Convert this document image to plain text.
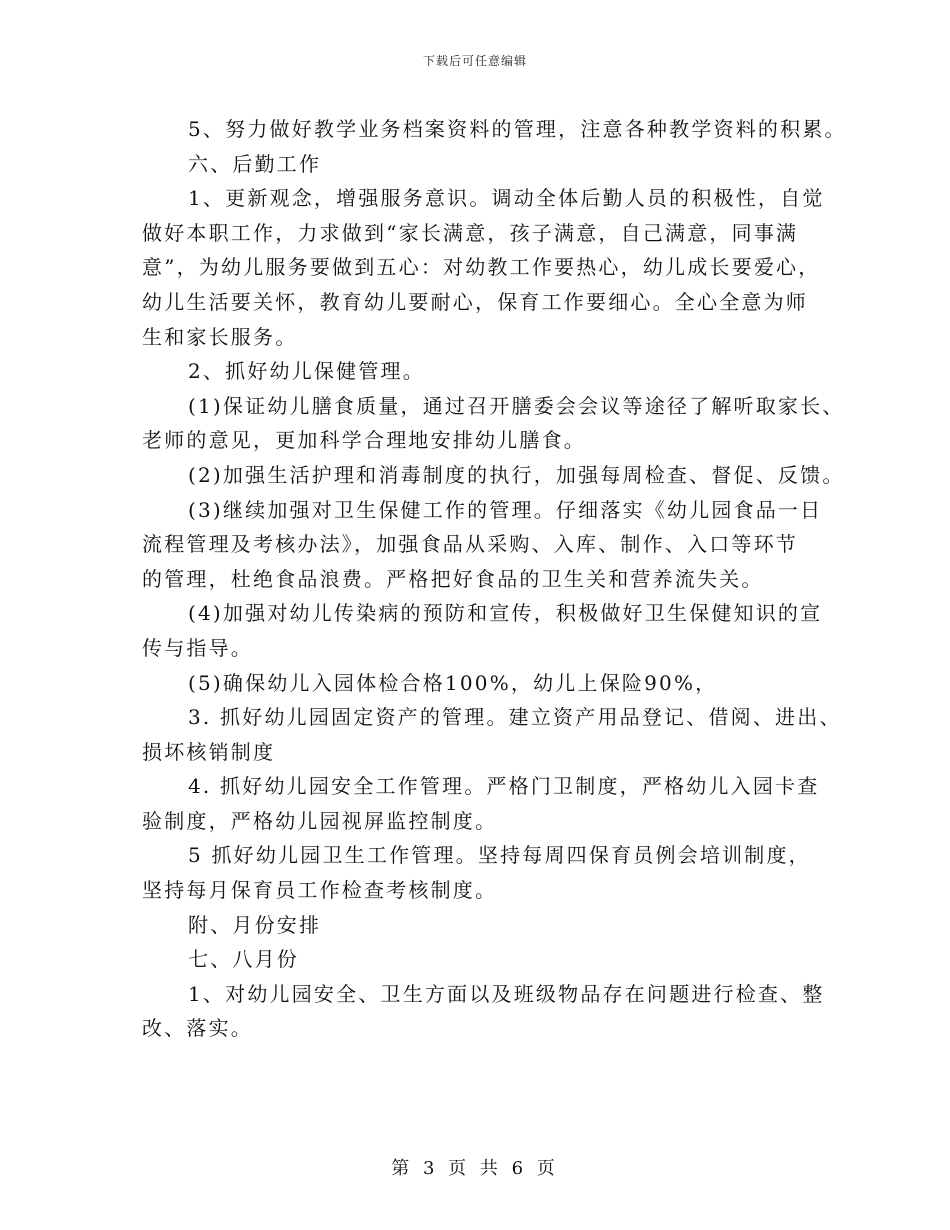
下载后可任意编辑
5、努力做好教学业务档案资料的管理，注意各种教学资料的积累。
六、后勤工作
1、更新观念，增强服务意识。调动全体后勤人员的积极性，自觉
做好本职工作，力求做到“家长满意，孩子满意，自己满意，同事满
意”，为幼儿服务要做到五心：对幼教工作要热心，幼儿成长要爱心，
幼儿生活要关怀，教育幼儿要耐心，保育工作要细心。全心全意为师
生和家长服务。
2、抓好幼儿保健管理。
(1)保证幼儿膳食质量，通过召开膳委会会议等途径了解听取家长、
老师的意见，更加科学合理地安排幼儿膳食。
(2)加强生活护理和消毒制度的执行，加强每周检查、督促、反馈。
(3)继续加强对卫生保健工作的管理。仔细落实《幼儿园食品一日
流程管理及考核办法》，加强食品从采购、入库、制作、入口等环节
的管理，杜绝食品浪费。严格把好食品的卫生关和营养流失关。
(4)加强对幼儿传染病的预防和宣传，积极做好卫生保健知识的宣
传与指导。
(5)确保幼儿入园体检合格100%，幼儿上保险90%，
3. 抓好幼儿园固定资产的管理。建立资产用品登记、借阅、进出、
损坏核销制度
4. 抓好幼儿园安全工作管理。严格门卫制度，严格幼儿入园卡查
验制度，严格幼儿园视屏监控制度。
5 抓好幼儿园卫生工作管理。坚持每周四保育员例会培训制度，
坚持每月保育员工作检查考核制度。
附、月份安排
七、八月份
1、对幼儿园安全、卫生方面以及班级物品存在问题进行检查、整
改、落实。
第 3 页 共 6 页
